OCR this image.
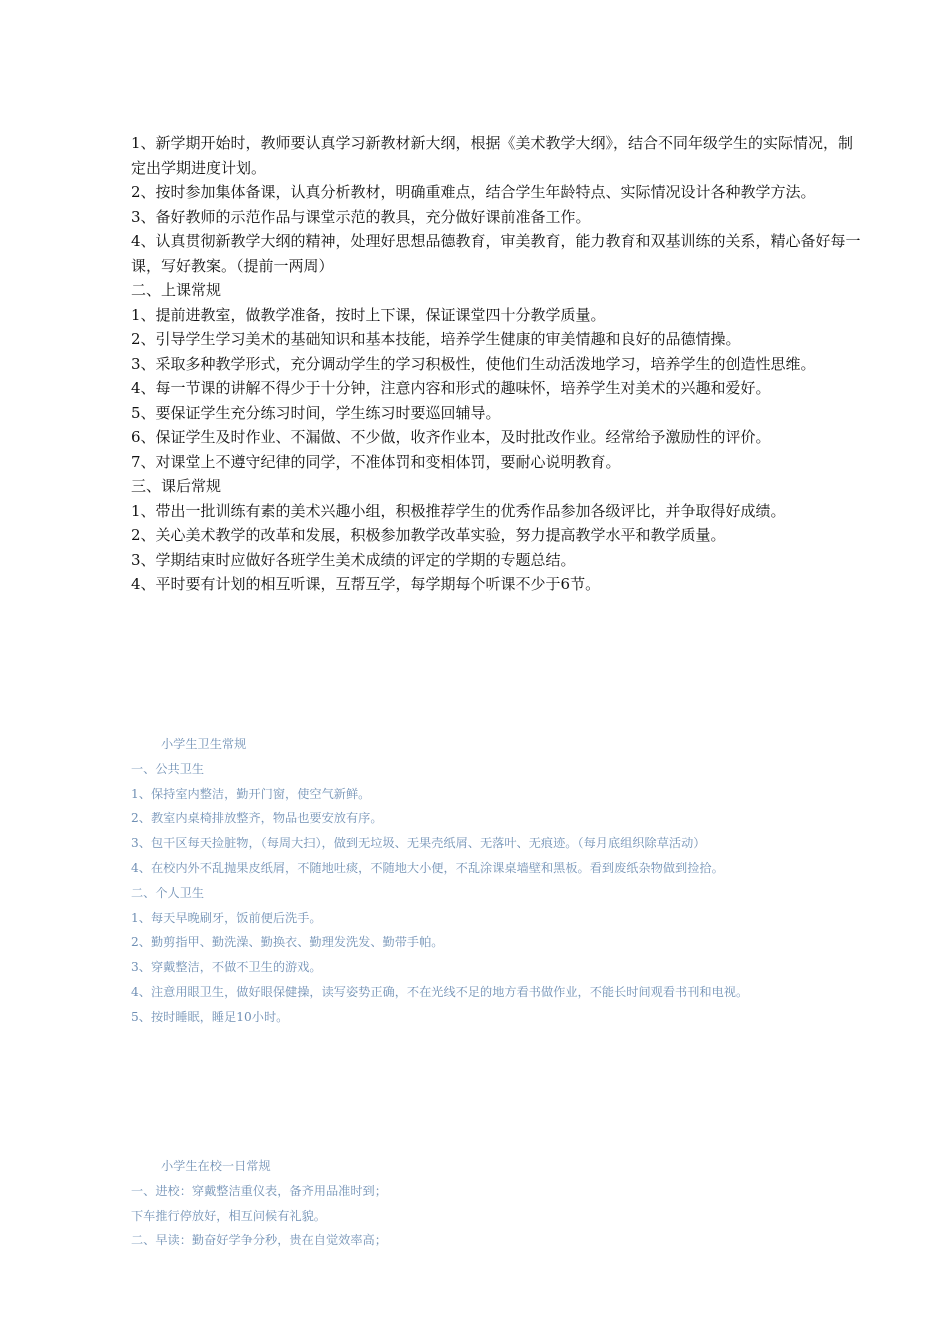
1、新学期开始时，教师要认真学习新教材新大纲，根据《美术教学大纲》，结合不同年级学生的实际情况，制定出学期进度计划。

2、按时参加集体备课，认真分析教材，明确重难点，结合学生年龄特点、实际情况设计各种教学方法。

3、备好教师的示范作品与课堂示范的教具，充分做好课前准备工作。

4、认真贯彻新教学大纲的精神，处理好思想品德教育，审美教育，能力教育和双基训练的关系，精心备好每一课，写好教案。（提前一两周）

二、上课常规

1、提前进教室，做教学准备，按时上下课，保证课堂四十分教学质量。

2、引导学生学习美术的基础知识和基本技能，培养学生健康的审美情趣和良好的品德情操。

3、采取多种教学形式，充分调动学生的学习积极性，使他们生动活泼地学习，培养学生的创造性思维。

4、每一节课的讲解不得少于十分钟，注意内容和形式的趣味怀，培养学生对美术的兴趣和爱好。

5、要保证学生充分练习时间，学生练习时要巡回辅导。

6、保证学生及时作业、不漏做、不少做，收齐作业本，及时批改作业。经常给予激励性的评价。

7、对课堂上不遵守纪律的同学，不准体罚和变相体罚，要耐心说明教育。

三、课后常规

1、带出一批训练有素的美术兴趣小组，积极推荐学生的优秀作品参加各级评比，并争取得好成绩。

2、关心美术教学的改革和发展，积极参加教学改革实验，努力提高教学水平和教学质量。

3、学期结束时应做好各班学生美术成绩的评定的学期的专题总结。

4、平时要有计划的相互听课，互帮互学，每学期每个听课不少于6节。

小学生卫生常规

一、公共卫生

1、保持室内整洁，勤开门窗，使空气新鲜。

2、教室内桌椅排放整齐，物品也要安放有序。

3、包干区每天捡脏物，（每周大扫），做到无垃圾、无果壳纸屑、无落叶、无痕迹。（每月底组织除草活动）

4、在校内外不乱抛果皮纸屑，不随地吐痰，不随地大小便，不乱涂课桌墙壁和黑板。看到废纸杂物做到捡拾。

二、个人卫生

1、每天早晚刷牙，饭前便后洗手。

2、勤剪指甲、勤洗澡、勤换衣、勤理发洗发、勤带手帕。

3、穿戴整洁，不做不卫生的游戏。

4、注意用眼卫生，做好眼保健操，读写姿势正确，不在光线不足的地方看书做作业，不能长时间观看书刊和电视。

5、按时睡眠，睡足10小时。

小学生在校一日常规

一、进校：穿戴整洁重仪表，备齐用品准时到；

下车推行停放好，相互问候有礼貌。

二、早读：勤奋好学争分秒，贵在自觉效率高；
